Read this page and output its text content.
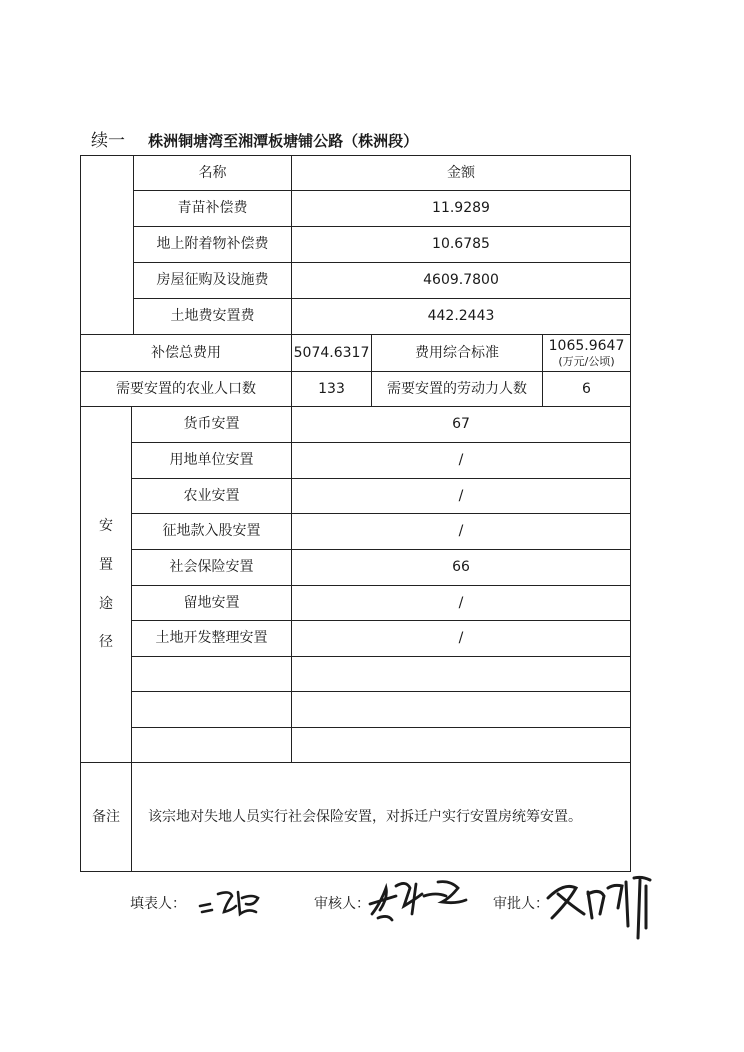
续一 株洲铜塘湾至湘潭板塘铺公路（株洲段）
名称	金额
青苗补偿费	11.9289
地上附着物补偿费	10.6785
房屋征购及设施费	4609.7800
土地费安置费	442.2443
补偿总费用	5074.6317	费用综合标准	1065.9647
(万元/公顷)
需要安置的农业人口数	133	需要安置的劳动力人数	6
安
置
途
径
货币安置	67
用地单位安置	/
农业安置	/
征地款入股安置	/
社会保险安置	66
留地安置	/
土地开发整理安置	/
备注	该宗地对失地人员实行社会保险安置，对拆迁户实行安置房统筹安置。
填表人：	审核人：	审批人：
